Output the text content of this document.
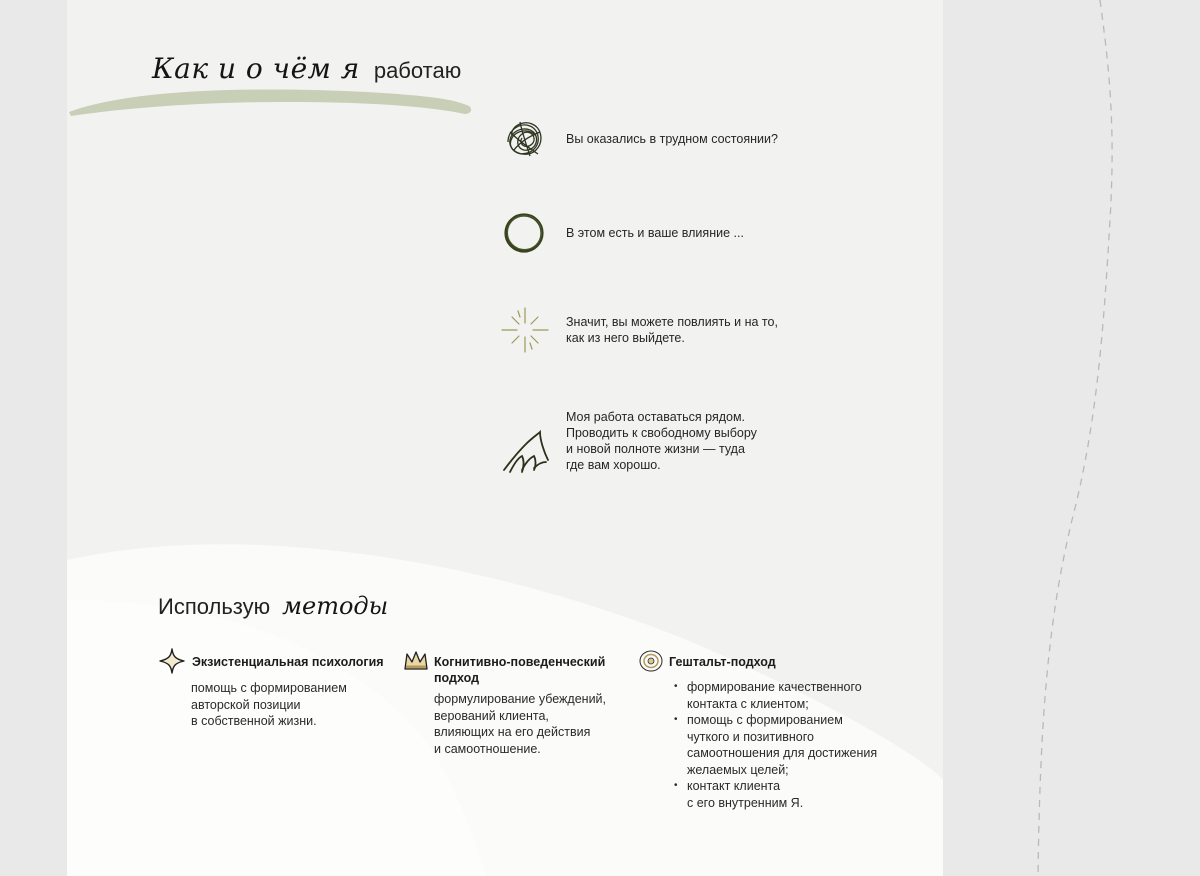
Как и о чём я работаю
Вы оказались в трудном состоянии?
В этом есть и ваше влияние ...
Значит, вы можете повлиять и на то,
как из него выйдете.
Моя работа оставаться рядом.
Проводить к свободному выбору
и новой полноте жизни — туда
где вам хорошо.
Использую методы
Экзистенциальная психология
помощь с формированием
авторской позиции
в собственной жизни.
Когнитивно-поведенческий
подход
формулирование убеждений,
верований клиента,
влияющих на его действия
и самоотношение.
Гештальт-подход
• формирование качественного
контакта с клиентом;
• помощь с формированием
чуткого и позитивного
самоотношения для достижения
желаемых целей;
• контакт клиента
с его внутренним Я.
